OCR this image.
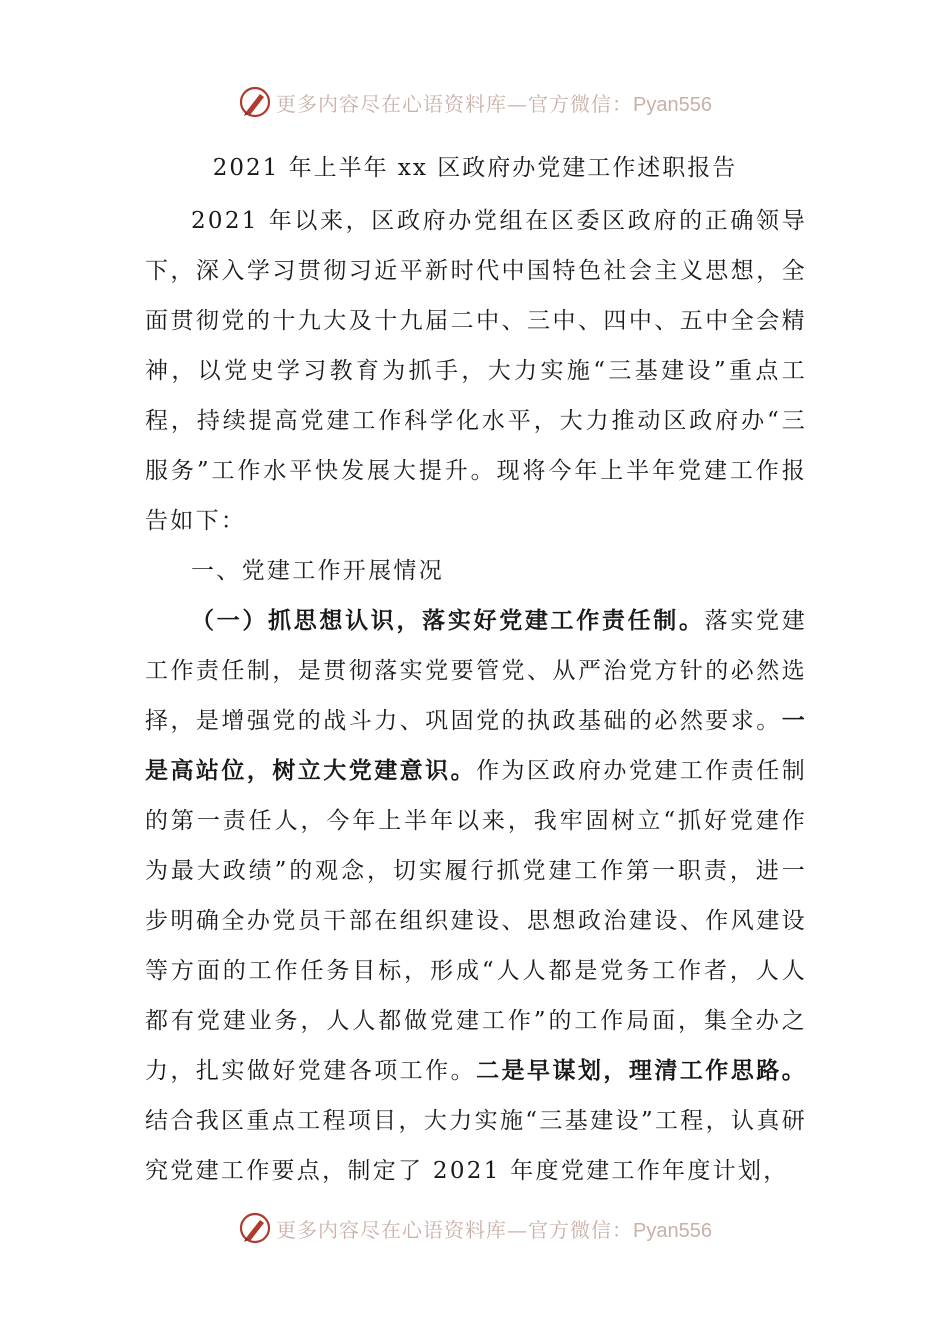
更多内容尽在心语资料库—官方微信：Pyan556
2021 年上半年 xx 区政府办党建工作述职报告

2021 年以来，区政府办党组在区委区政府的正确领导下，深入学习贯彻习近平新时代中国特色社会主义思想，全面贯彻党的十九大及十九届二中、三中、四中、五中全会精神，以党史学习教育为抓手，大力实施“三基建设”重点工程，持续提高党建工作科学化水平，大力推动区政府办“三服务”工作水平快发展大提升。现将今年上半年党建工作报告如下：

一、党建工作开展情况

（一）抓思想认识，落实好党建工作责任制。落实党建工作责任制，是贯彻落实党要管党、从严治党方针的必然选择，是增强党的战斗力、巩固党的执政基础的必然要求。一是高站位，树立大党建意识。作为区政府办党建工作责任制的第一责任人，今年上半年以来，我牢固树立“抓好党建作为最大政绩”的观念，切实履行抓党建工作第一职责，进一步明确全办党员干部在组织建设、思想政治建设、作风建设等方面的工作任务目标，形成“人人都是党务工作者，人人都有党建业务，人人都做党建工作”的工作局面，集全办之力，扎实做好党建各项工作。二是早谋划，理清工作思路。结合我区重点工程项目，大力实施“三基建设”工程，认真研究党建工作要点，制定了 2021 年度党建工作年度计划，

更多内容尽在心语资料库—官方微信：Pyan556
